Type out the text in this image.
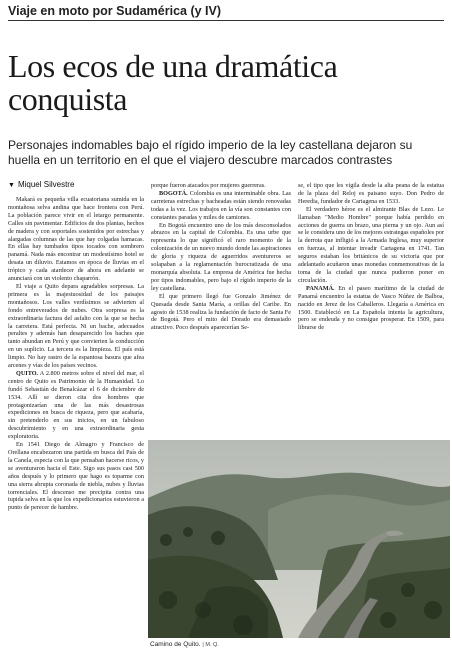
Viaje en moto por Sudamérica (y IV)
Los ecos de una dramática conquista
Personajes indomables bajo el rígido imperio de la ley castellana dejaron su huella en un territorio en el que el viajero descubre marcados contrastes
▼ Miquel Silvestre

Makará es pequeña villa ecuatoriana sumida en la montañosa selva andina que hace frontera con Perú. La población parece vivir en el letargo permanente. Calles sin pavimentar. Edificios de dos plantas, hechos de madera y con soportales sostenidos por estrechas y alargadas columnas de las que hay colgadas hamacas. En ellas hay tumbados tipos tocados con sombrero panamá. Nada más encontrar un modestísimo hotel se desata un diluvio. Estamos en época de lluvias en el trópico y cada atardecer de ahora en adelante se anunciará con un violento chaparrón.

El viaje a Quito depara agradables sorpresas. La primera es la majestuosidad de los paisajes montañosos. Los valles verdísimos se advierten al fondo entreverados de nubes. Otra sorpresa es la extraordinaria factura del asfalto con la que se hecha la carretera. Está perfecta. Ni un bache, adecuados peraltes y además han desaparecido los baches que tanto abundan en Perú y que convierten la conducción en un suplicio. La tercera es la limpieza. El país está limpio. No hay rastro de la espantosa basura que afea arcenes y vías de los países vecinos.

QUITO. A 2.800 metros sobre el nivel del mar, el centro de Quito es Patrimonio de la Humanidad. Lo fundó Sebastián de Benalcázar el 6 de diciembre de 1534. Allí se dieron cita dos hombres que protagonizarían una de las más desastrosas expediciones en busca de riqueza, pero que acabaría, sin pretenderlo en sus inicios, en un fabuloso descubrimiento y en una extraordinaria gesta exploratoria.

En 1541 Diego de Almagro y Francisco de Orellana encabezaron una partida en busca del País de la Canela, especia con la que pensaban hacerse ricos, y se aventuraron hacia el Este. Sigo sus pasos casi 500 años después y lo primero que hago es toparme con una sierra abrupta coronada de niebla, nubes y lluvias torrenciales. El descenso me precipita contra una tupida selva en la que los expedicionarios estuvieron a punto de perecer de hambre.

porque fueron atacados por mujeres guerreras.

BOGOTÁ. Colombia es una interminable obra. Las carreteras estrechas y bacheadas están siendo renovadas todas a la vez. Los trabajos en la vía son constantes con constantes paradas y miles de camiones.

En Bogotá encuentro uno de los más desconsolados abrazos en la capital de Colombia. Es una urbe que representa lo que significó el raro momento de la colonización de un nuevo mundo donde las aspiraciones de gloria y riqueza de aguerridos aventureros se solapaban a la reglamentación burocratizada de una monarquía absoluta. La empresa de América fue hecha por tipos indomables, pero bajo el rígido imperio de la ley castellana.

El que primero llegó fue Gonzalo Jiménez de Quesada desde Santa María, a orillas del Caribe. En agosto de 1538 realiza la fundación de facto de Santa Fe de Bogotá. Pero el mito del Dorado era demasiado atractivo. Poco después aparecerían Se-

se, el tipo que les vigila desde la alta peana de la estatua de la plaza del Reloj es paisano suyo. Don Pedro de Heredia, fundador de Cartagena en 1533.

El verdadero héroe es el almirante Blas de Lezo. Le llamaban "Medio Hombre" porque había perdido en acciones de guerra un brazo, una pierna y un ojo. Aun así se le considera uno de los mejores estrategas españoles por la derrota que infligió a la Armada Inglesa, muy superior en fuerzas, al intentar invadir Cartagena en 1741. Tan seguros estaban los británicos de su victoria que por adelantado acuñaron unas monedas conmemorativas de la toma de la ciudad que nunca pudieron poner en circulación.

PANAMÁ. En el paseo marítimo de la ciudad de Panamá encuentro la estatua de Vasco Núñez de Balboa, nacido en Jerez de los Caballeros. Llegaría a América en 1500. Estableció en La Española intenta la agricultura, pero se endeuda y no consigue prosperar. En 1509, para librarse de

Camino de Quito. | M. Q.
